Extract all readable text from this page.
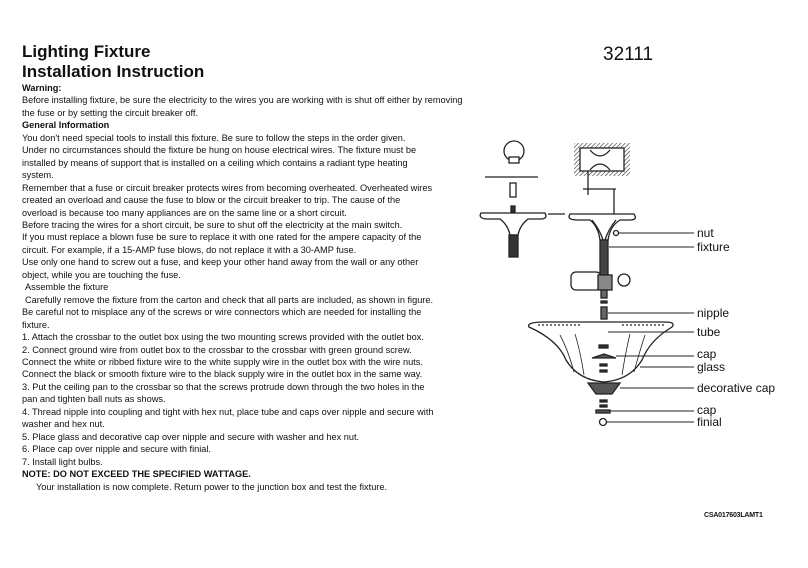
Lighting Fixture
Installation Instruction
32111
Warning:
Before installing fixture, be sure the electricity to the wires you are working with is shut off either by removing
the fuse or by setting the circuit breaker off.
General Information
You don't need special tools to install this fixture. Be sure to follow the steps in the order given.
Under no circumstances should the fixture be hung on house electrical wires. The fixture must be
installed by means of support that is installed on a ceiling which contains a radiant type heating
system.
Remember that a fuse or circuit breaker protects wires from becoming overheated. Overheated wires
created an overload and cause the fuse to blow or the circuit breaker to trip. The cause of the
overload is because too many appliances are on the same line or a short circuit.
Before tracing the wires for a short circuit, be sure to shut off the electricity at the main switch.
If you must replace a blown fuse be sure to replace it with one rated for the ampere capacity of the
circuit. For example, if a 15-AMP fuse blows, do not replace it with a 30-AMP fuse.
Use only one hand to screw out a fuse, and keep your other hand away from the wall or any other
object, while you are touching the fuse.
Assemble the fixture
Carefully remove the fixture from the carton and check that all parts are included, as shown in figure.
Be careful not to misplace any of the screws or wire connectors which are needed for installing the
fixture.
1. Attach the crossbar to the outlet box using the two mounting screws provided with the outlet box.
2. Connect ground wire from outlet box to the crossbar to the crossbar with green ground screw.
Connect the white or ribbed fixture wire to the white supply wire in the outlet box with the wire nuts.
Connect the black or smooth fixture wire to the black supply wire in the outlet box in the same way.
3. Put the ceiling pan to the crossbar so that the screws protrude down through the two holes in the
pan and tighten ball nuts as shows.
4. Thread nipple into coupling and tight with hex nut, place tube and caps over nipple and secure with
washer and hex nut.
5. Place glass and decorative cap over nipple and secure with washer and hex nut.
6. Place cap over nipple and secure with finial.
7. Install light bulbs.
NOTE: DO NOT EXCEED THE SPECIFIED WATTAGE.
Your installation is now complete. Return power to the junction box and test the fixture.
nut
fixture
nipple
tube
cap
glass
decorative cap
cap
finial
CSA017603LAMT1
